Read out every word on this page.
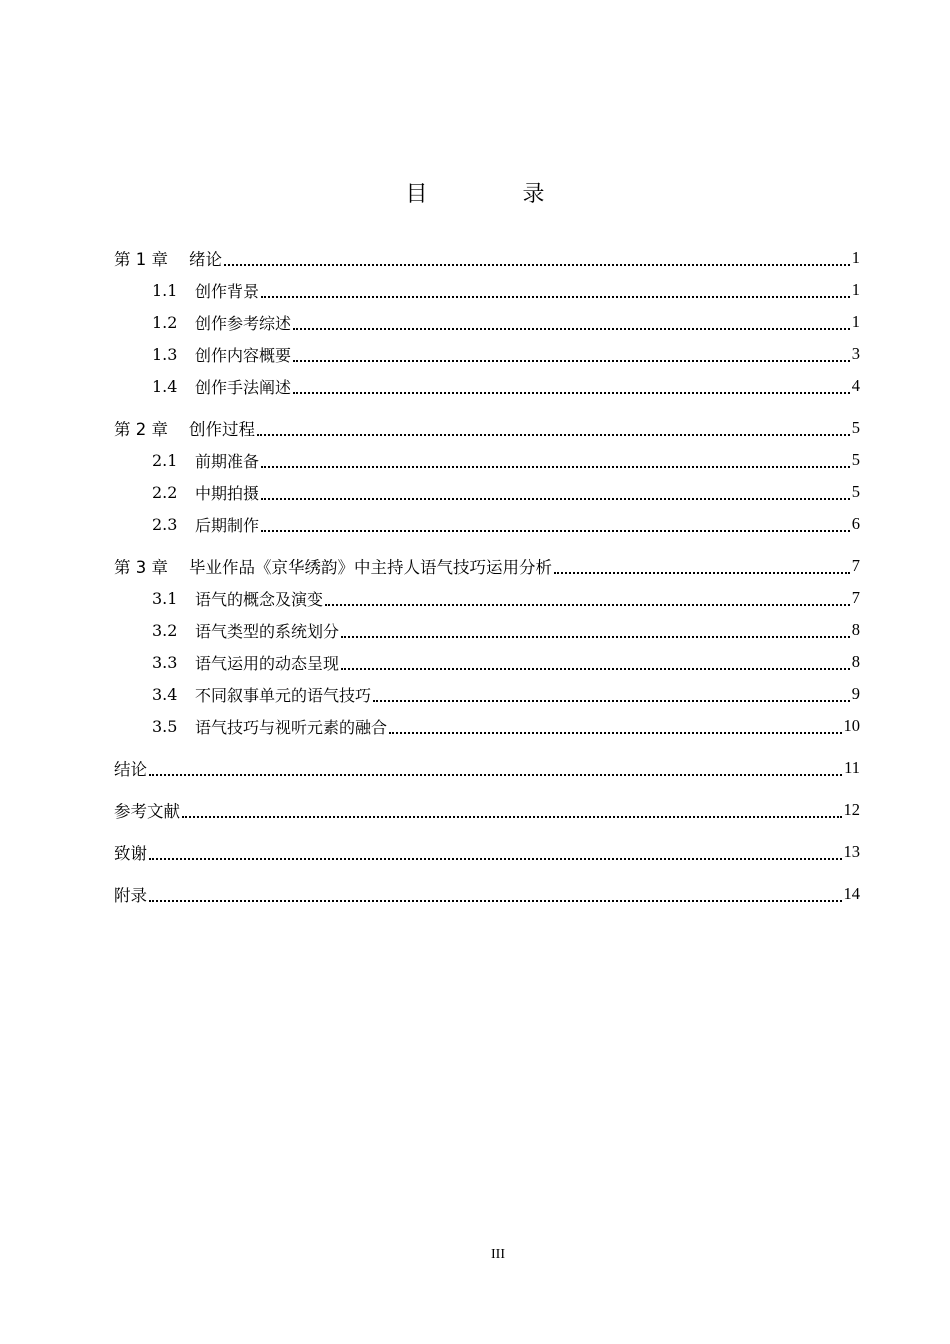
目 录
第 1 章	绪论	1
1.1	创作背景	1
1.2	创作参考综述	1
1.3	创作内容概要	3
1.4	创作手法阐述	4
第 2 章	创作过程	5
2.1	前期准备	5
2.2	中期拍摄	5
2.3	后期制作	6
第 3 章	毕业作品《京华绣韵》中主持人语气技巧运用分析	7
3.1	语气的概念及演变	7
3.2	语气类型的系统划分	8
3.3	语气运用的动态呈现	8
3.4	不同叙事单元的语气技巧	9
3.5	语气技巧与视听元素的融合	10
结论	11
参考文献	12
致谢	13
附录	14
III
